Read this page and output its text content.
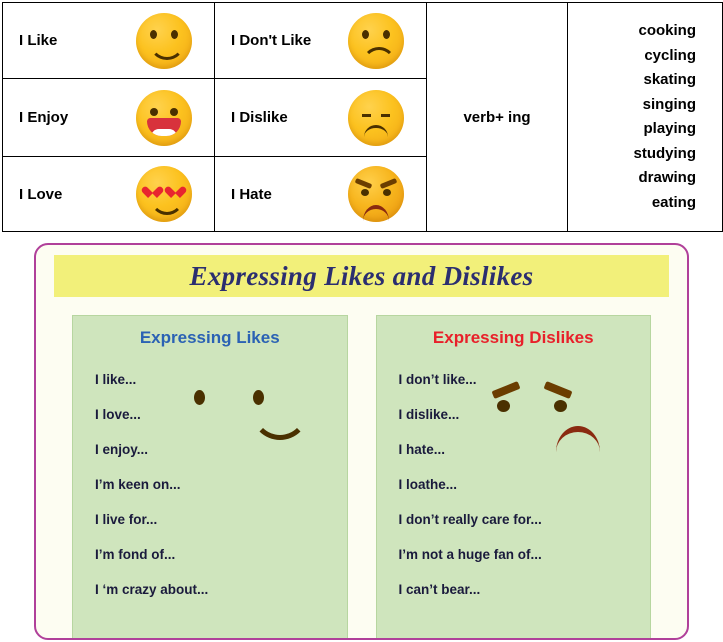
I Like	I Don't Like

verb+ ing

cooking
cycling
skating
singing
playing
studying
drawing
eating

I Enjoy	I Dislike		

I Love	I Hate		
Expressing Likes and Dislikes
Expressing Likes
I like...
I love...
I enjoy...
I’m keen on...
I live for...
I’m fond of...
I ‘m crazy about...
Expressing Dislikes
I don’t like...
I dislike...
I hate...
I loathe...
I don’t really care for...
I’m not a huge fan of...
I can’t bear...
